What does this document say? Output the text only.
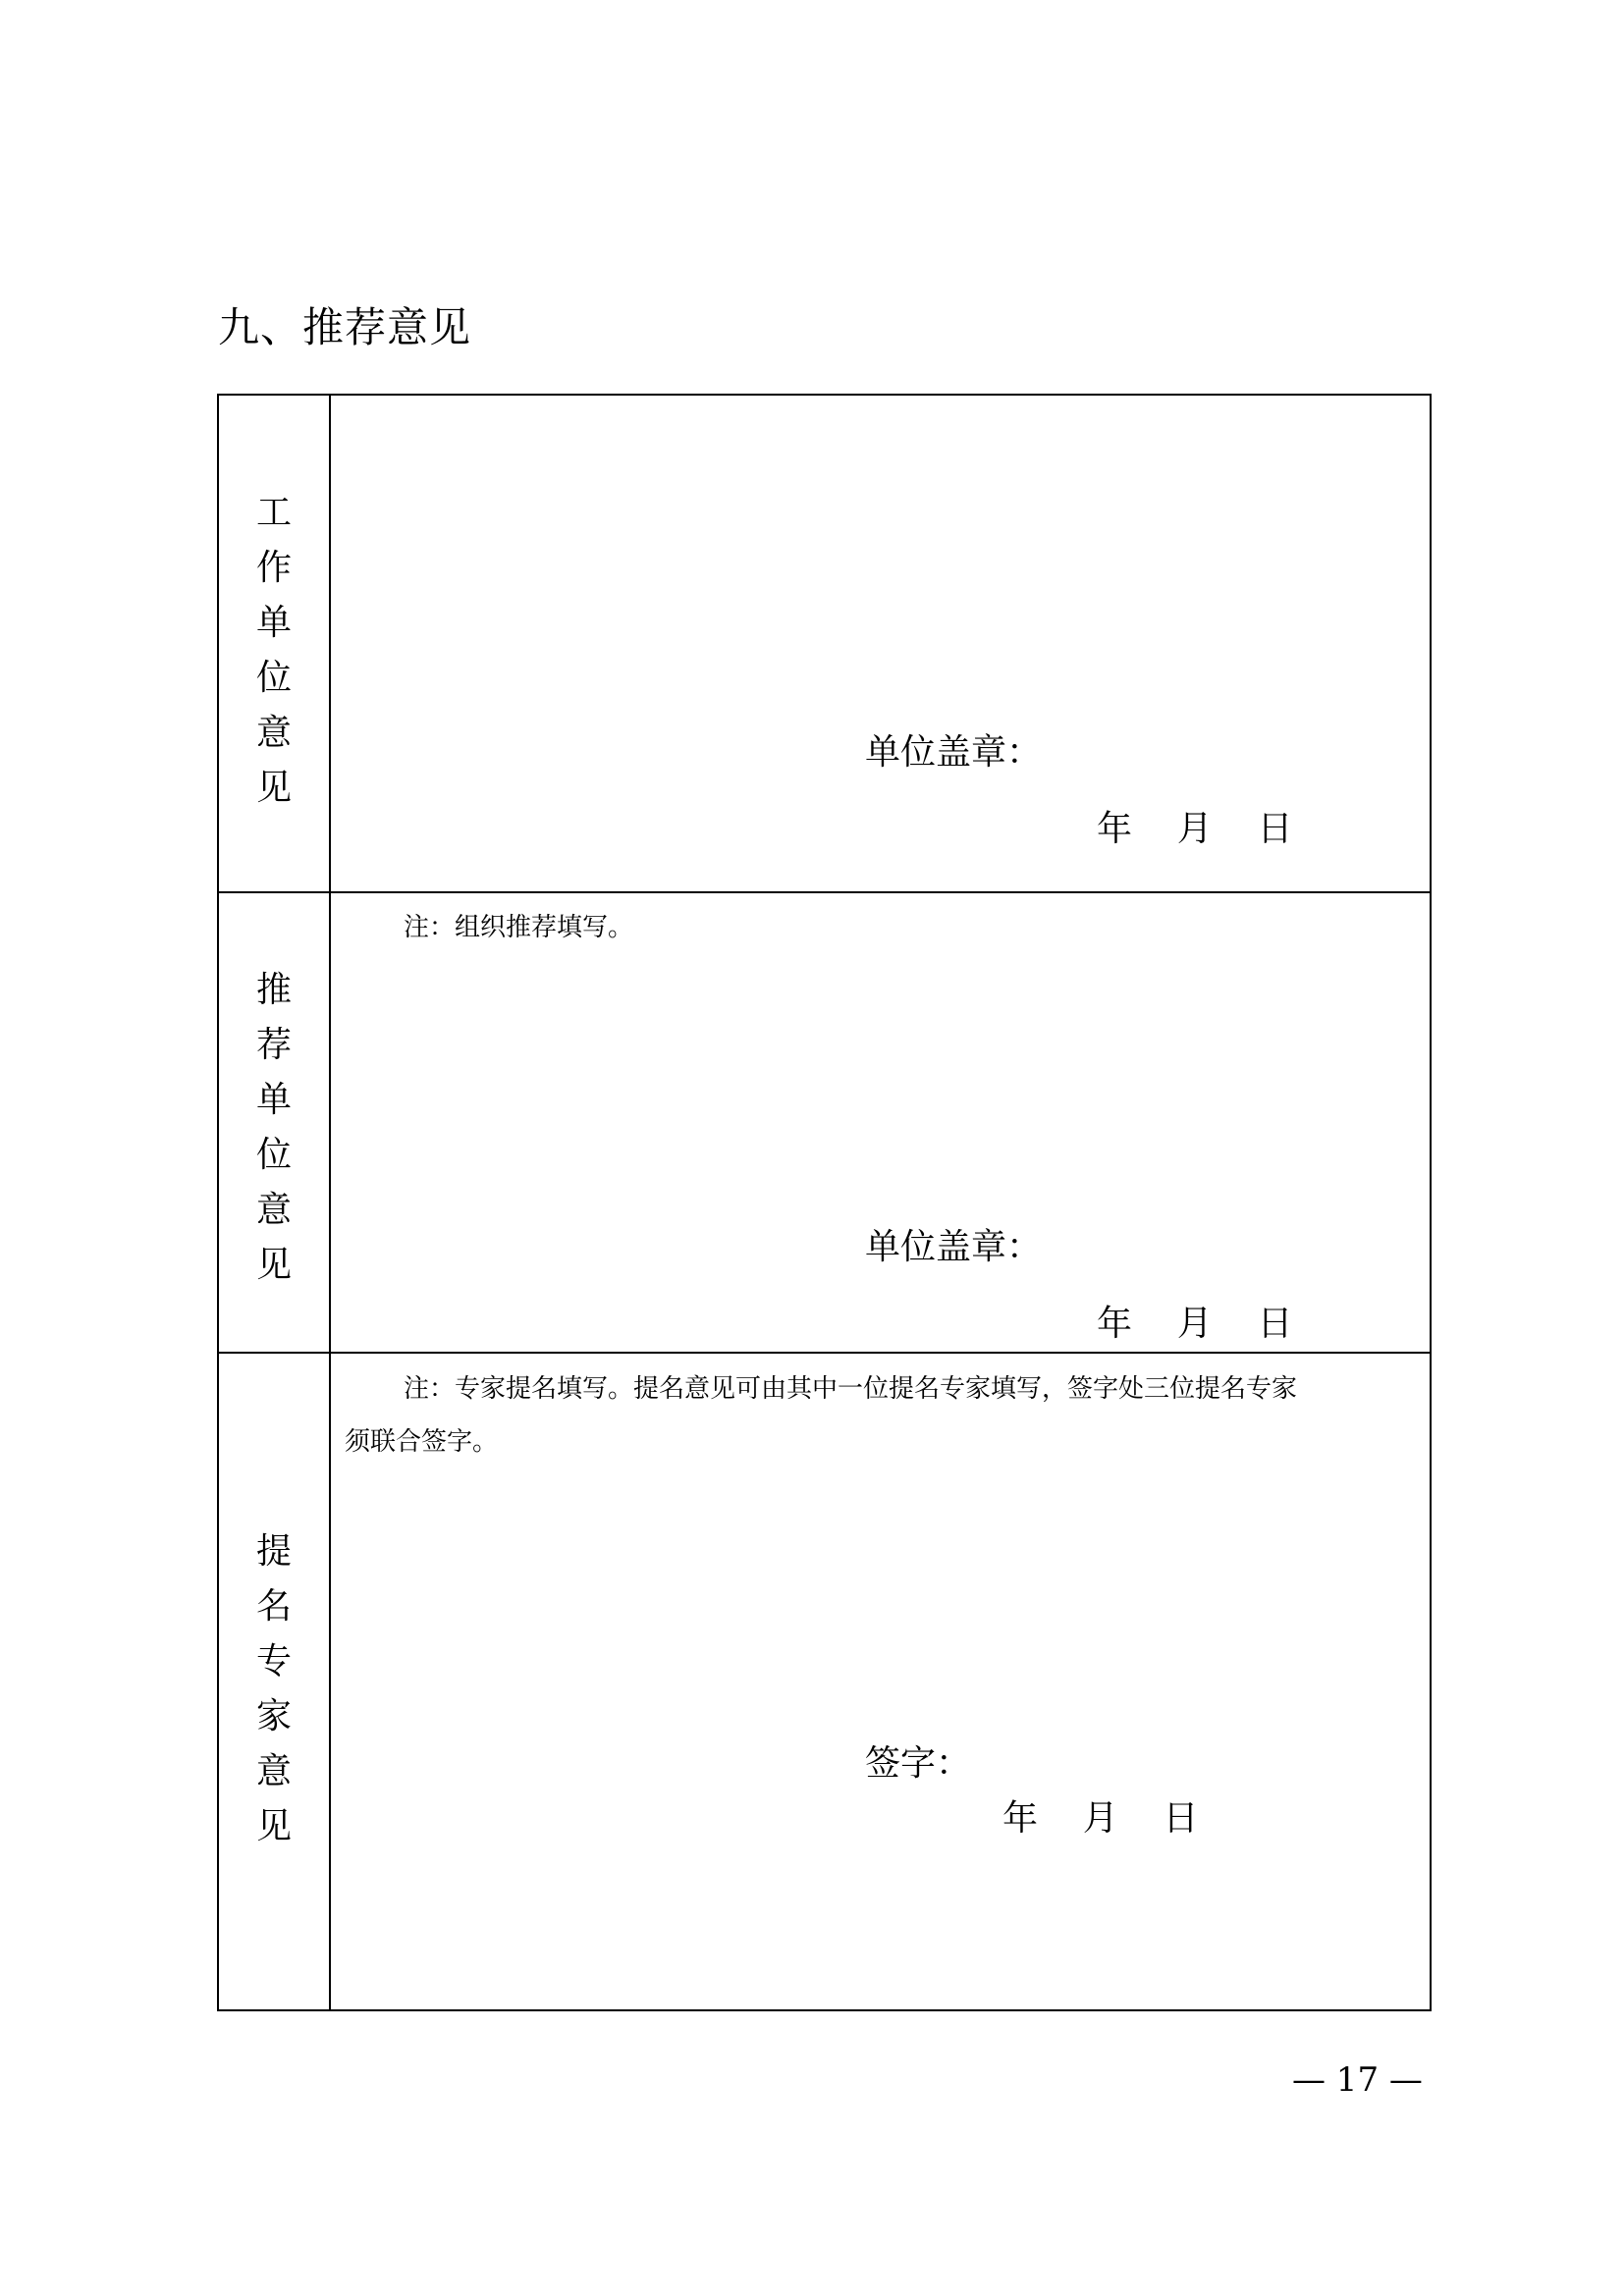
九、推荐意见
工
作
单
位
意
见
单位盖章：
年    月    日
注：组织推荐填写。
推
荐
单
位
意
见	单位盖章：
年    月    日
注：专家提名填写。提名意见可由其中一位提名专家填写，签字处三位提名专家
须联合签字。
提
名
专
家
意
见
签字：
年    月    日
— 17 —
